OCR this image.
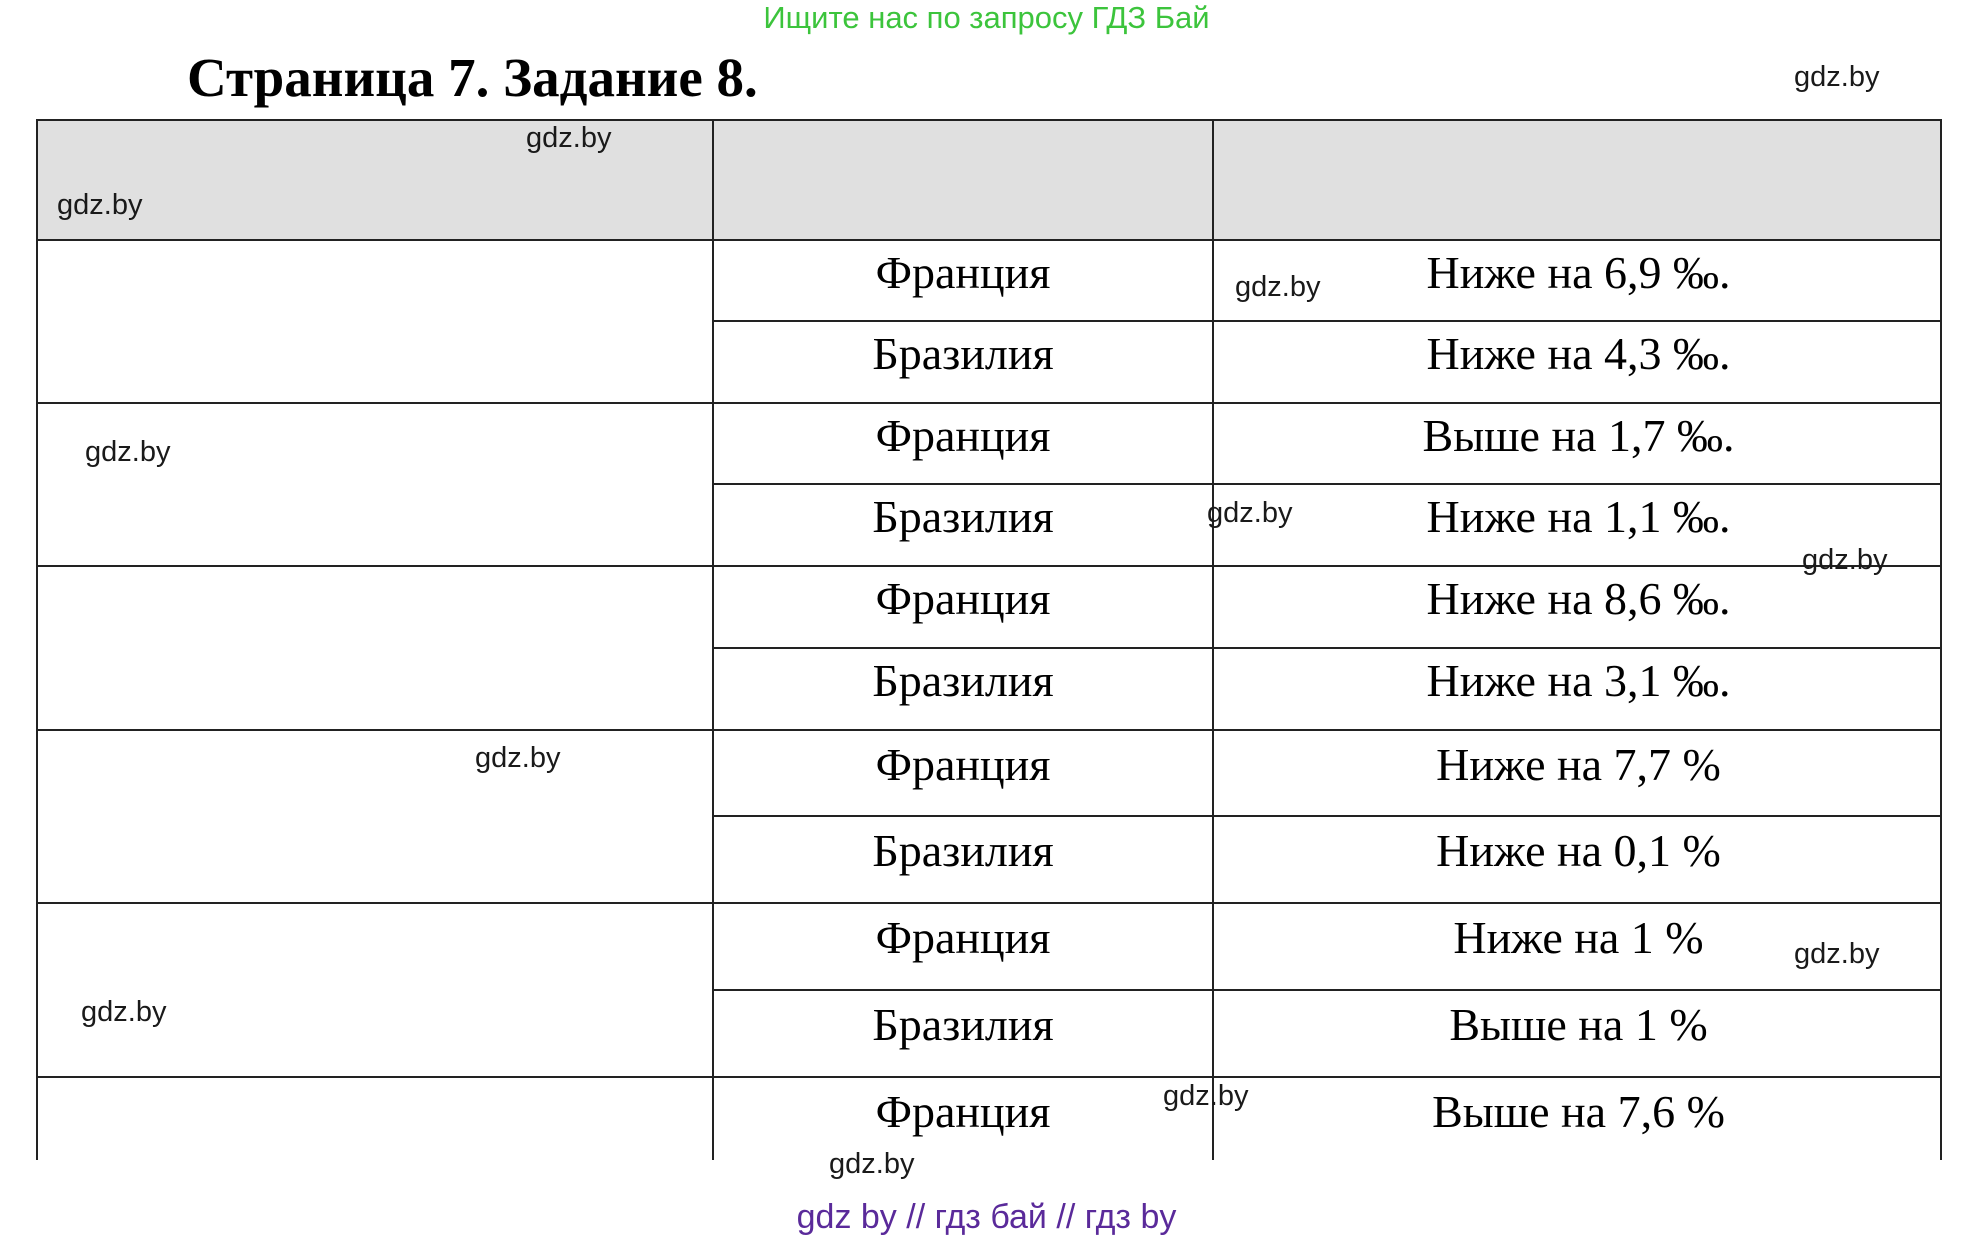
Ищите нас по запросу ГДЗ Бай
Страница 7. Задание 8.
Франция
Бразилия
Франция
Бразилия
Франция
Бразилия
Франция
Бразилия
Франция
Бразилия
Франция
Ниже на 6,9 ‰.
Ниже на 4,3 ‰.
Выше на 1,7 ‰.
Ниже на 1,1 ‰.
Ниже на 8,6 ‰.
Ниже на 3,1 ‰.
Ниже на 7,7 %
Ниже на 0,1 %
Ниже на 1 %
Выше на 1 %
Выше на 7,6 %
gdz.by
gdz.by
gdz.by
gdz.by
gdz.by
gdz.by
gdz.by
gdz.by
gdz.by
gdz.by
gdz.by
gdz.by
gdz by // гдз бай // гдз by
